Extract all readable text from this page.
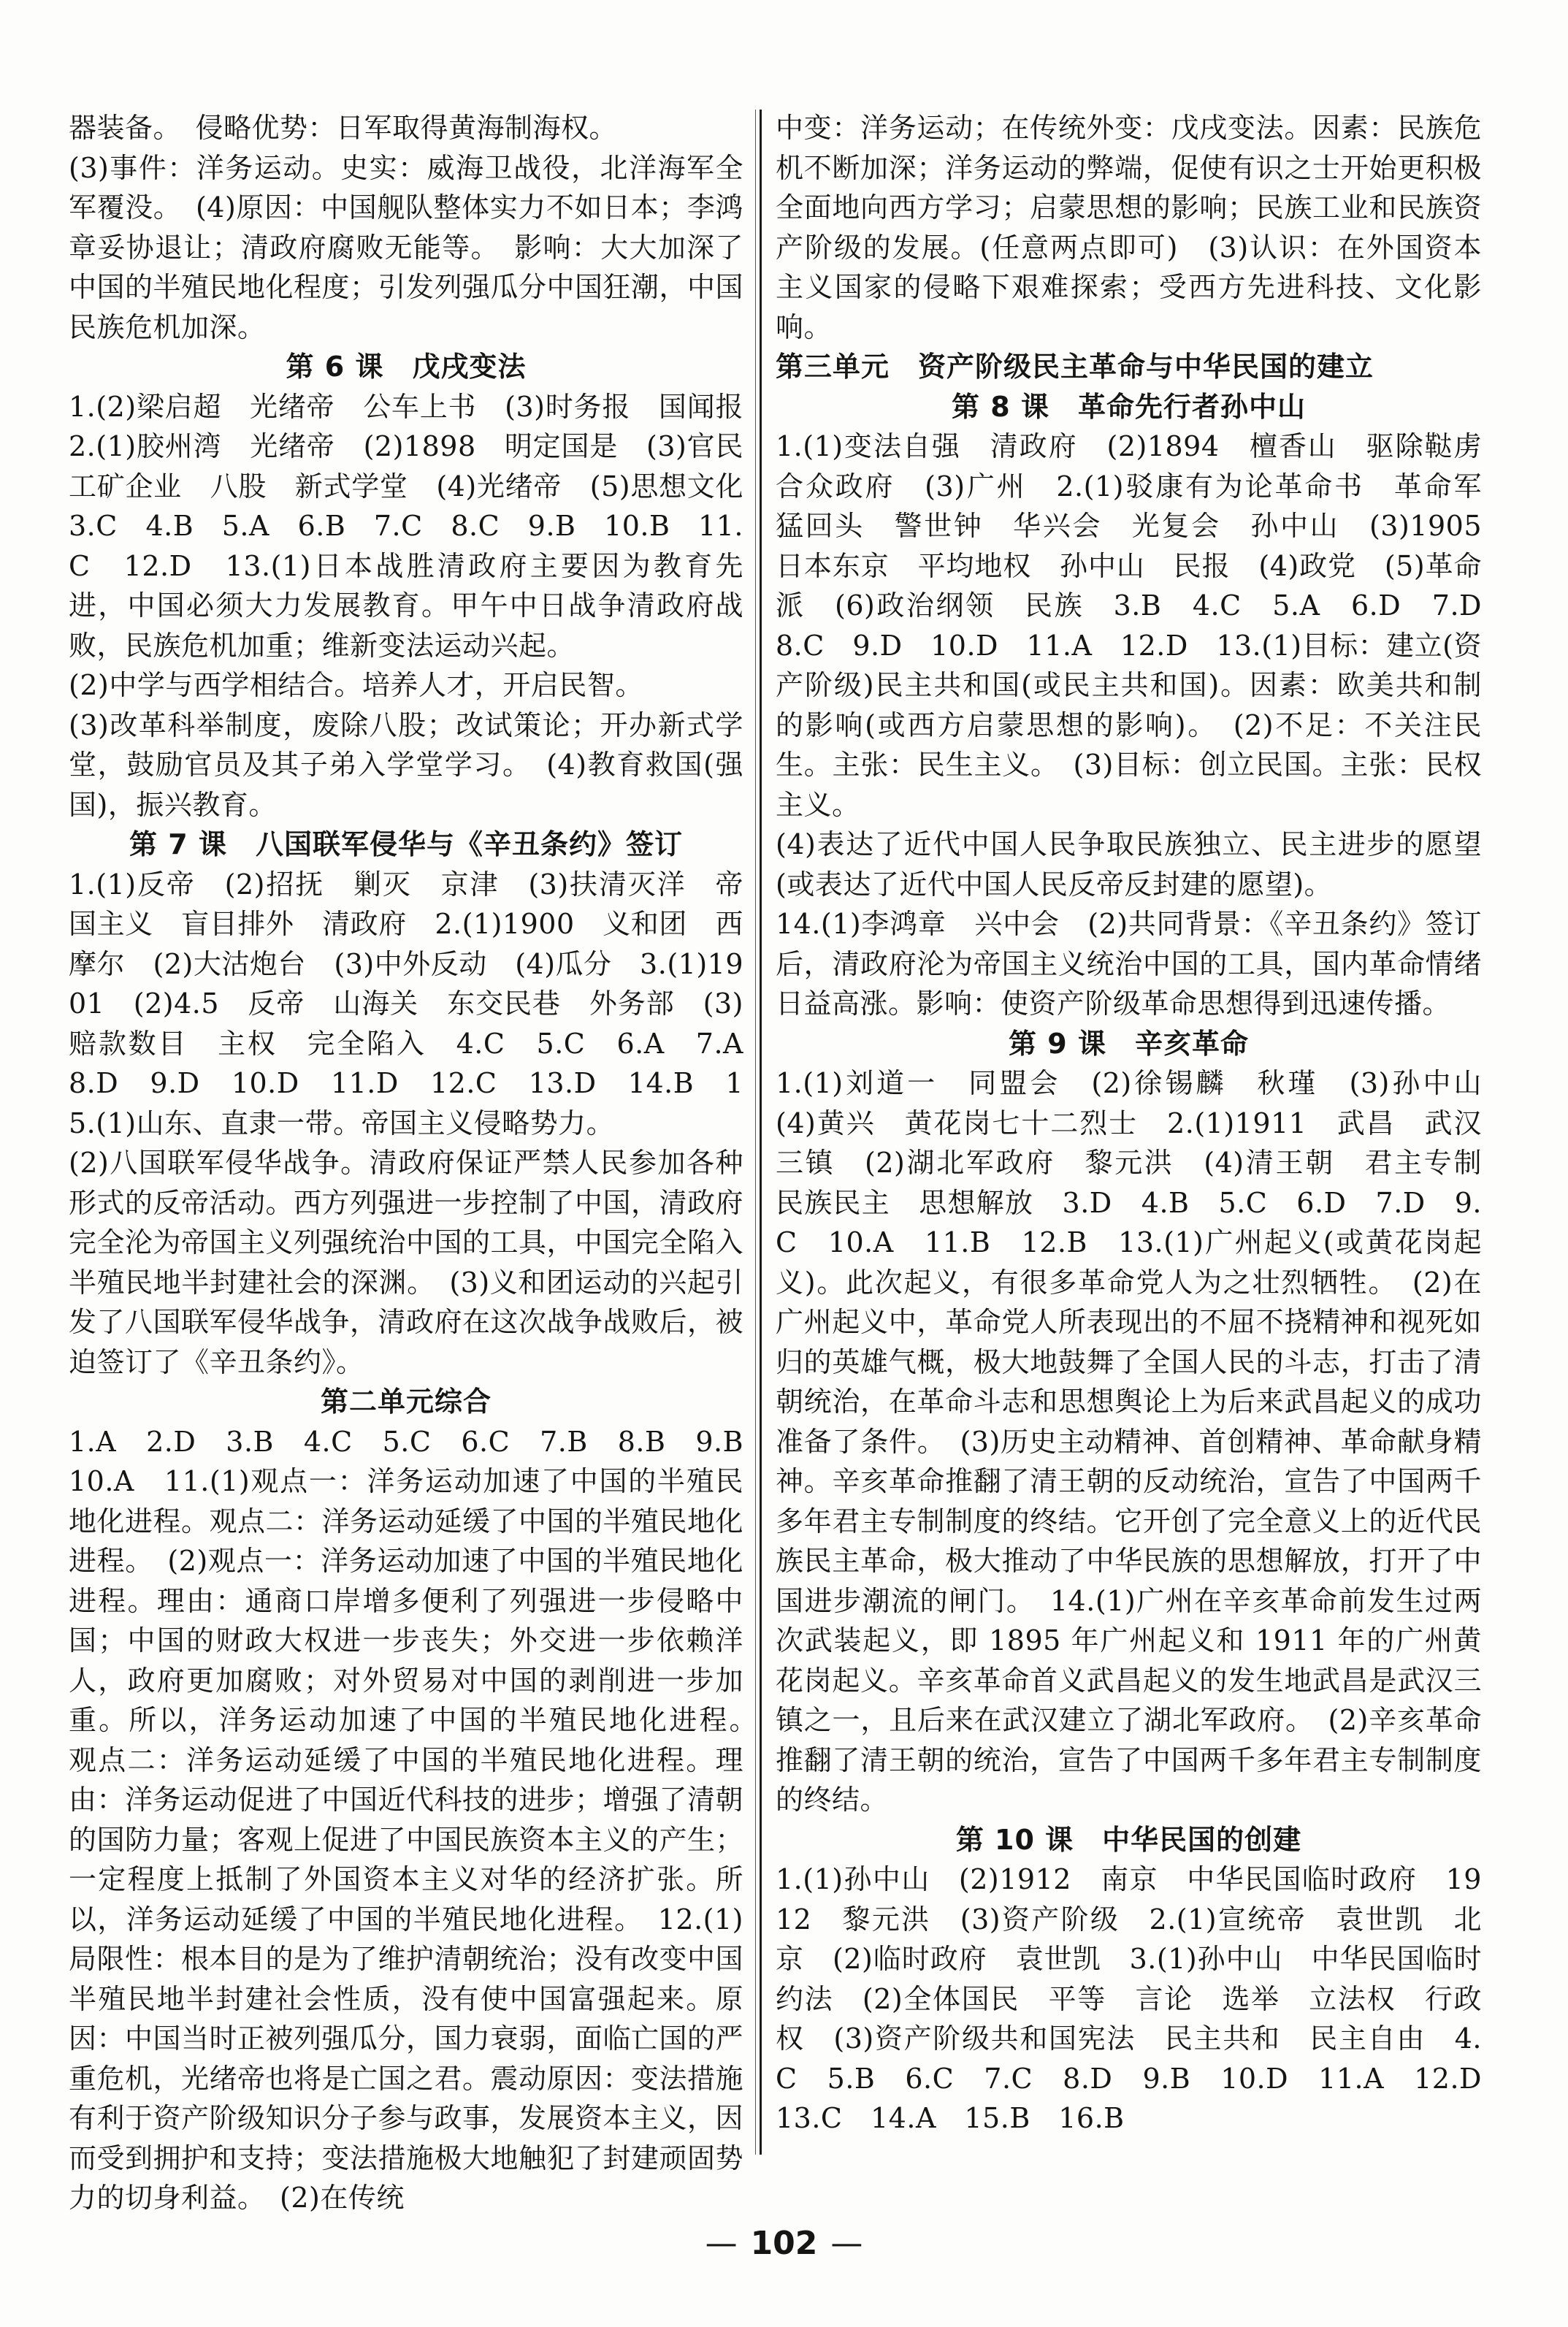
器装备。　侵略优势：日军取得黄海制海权。
(3)事件：洋务运动。史实：威海卫战役，北洋海军全军覆没。　(4)原因：中国舰队整体实力不如日本；李鸿章妥协退让；清政府腐败无能等。　影响：大大加深了中国的半殖民地化程度；引发列强瓜分中国狂潮，中国民族危机加深。
第 6 课　戊戌变法
1.(2)梁启超　光绪帝　公车上书　(3)时务报　国闻报　2.(1)胶州湾　光绪帝　(2)1898　明定国是　(3)官民　工矿企业　八股　新式学堂　(4)光绪帝　(5)思想文化　3.C　4.B　5.A　6.B　7.C　8.C　9.B　10.B　11.C　12.D　13.(1)日本战胜清政府主要因为教育先进，中国必须大力发展教育。甲午中日战争清政府战败，民族危机加重；维新变法运动兴起。
(2)中学与西学相结合。培养人才，开启民智。
(3)改革科举制度，废除八股；改试策论；开办新式学堂，鼓励官员及其子弟入学堂学习。　(4)教育救国(强国)，振兴教育。
第 7 课　八国联军侵华与《辛丑条约》签订
1.(1)反帝　(2)招抚　剿灭　京津　(3)扶清灭洋　帝国主义　盲目排外　清政府　2.(1)1900　义和团　西摩尔　(2)大沽炮台　(3)中外反动　(4)瓜分　3.(1)1901　(2)4.5　反帝　山海关　东交民巷　外务部　(3)赔款数目　主权　完全陷入　4.C　5.C　6.A　7.A　8.D　9.D　10.D　11.D　12.C　13.D　14.B　15.(1)山东、直隶一带。帝国主义侵略势力。
(2)八国联军侵华战争。清政府保证严禁人民参加各种形式的反帝活动。西方列强进一步控制了中国，清政府完全沦为帝国主义列强统治中国的工具，中国完全陷入半殖民地半封建社会的深渊。　(3)义和团运动的兴起引发了八国联军侵华战争，清政府在这次战争战败后，被迫签订了《辛丑条约》。
第二单元综合
1.A　2.D　3.B　4.C　5.C　6.C　7.B　8.B　9.B　10.A　11.(1)观点一：洋务运动加速了中国的半殖民地化进程。观点二：洋务运动延缓了中国的半殖民地化进程。　(2)观点一：洋务运动加速了中国的半殖民地化进程。理由：通商口岸增多便利了列强进一步侵略中国；中国的财政大权进一步丧失；外交进一步依赖洋人，政府更加腐败；对外贸易对中国的剥削进一步加重。所以，洋务运动加速了中国的半殖民地化进程。　观点二：洋务运动延缓了中国的半殖民地化进程。理由：洋务运动促进了中国近代科技的进步；增强了清朝的国防力量；客观上促进了中国民族资本主义的产生；一定程度上抵制了外国资本主义对华的经济扩张。所以，洋务运动延缓了中国的半殖民地化进程。　12.(1)局限性：根本目的是为了维护清朝统治；没有改变中国半殖民地半封建社会性质，没有使中国富强起来。原因：中国当时正被列强瓜分，国力衰弱，面临亡国的严重危机，光绪帝也将是亡国之君。震动原因：变法措施有利于资产阶级知识分子参与政事，发展资本主义，因而受到拥护和支持；变法措施极大地触犯了封建顽固势力的切身利益。　(2)在传统
中变：洋务运动；在传统外变：戊戌变法。因素：民族危机不断加深；洋务运动的弊端，促使有识之士开始更积极全面地向西方学习；启蒙思想的影响；民族工业和民族资产阶级的发展。(任意两点即可)　(3)认识：在外国资本主义国家的侵略下艰难探索；受西方先进科技、文化影响。
第三单元　资产阶级民主革命与中华民国的建立
第 8 课　革命先行者孙中山
1.(1)变法自强　清政府　(2)1894　檀香山　驱除鞑虏　合众政府　(3)广州　2.(1)驳康有为论革命书　革命军　猛回头　警世钟　华兴会　光复会　孙中山　(3)1905　日本东京　平均地权　孙中山　民报　(4)政党　(5)革命派　(6)政治纲领　民族　3.B　4.C　5.A　6.D　7.D　8.C　9.D　10.D　11.A　12.D　13.(1)目标：建立(资产阶级)民主共和国(或民主共和国)。因素：欧美共和制的影响(或西方启蒙思想的影响)。　(2)不足：不关注民生。主张：民生主义。　(3)目标：创立民国。主张：民权主义。
(4)表达了近代中国人民争取民族独立、民主进步的愿望(或表达了近代中国人民反帝反封建的愿望)。
14.(1)李鸿章　兴中会　(2)共同背景：《辛丑条约》签订后，清政府沦为帝国主义统治中国的工具，国内革命情绪日益高涨。影响：使资产阶级革命思想得到迅速传播。
第 9 课　辛亥革命
1.(1)刘道一　同盟会　(2)徐锡麟　秋瑾　(3)孙中山　(4)黄兴　黄花岗七十二烈士　2.(1)1911　武昌　武汉三镇　(2)湖北军政府　黎元洪　(4)清王朝　君主专制　民族民主　思想解放　3.D　4.B　5.C　6.D　7.D　9.C　10.A　11.B　12.B　13.(1)广州起义(或黄花岗起义)。此次起义，有很多革命党人为之壮烈牺牲。　(2)在广州起义中，革命党人所表现出的不屈不挠精神和视死如归的英雄气概，极大地鼓舞了全国人民的斗志，打击了清朝统治，在革命斗志和思想舆论上为后来武昌起义的成功准备了条件。　(3)历史主动精神、首创精神、革命献身精神。辛亥革命推翻了清王朝的反动统治，宣告了中国两千多年君主专制制度的终结。它开创了完全意义上的近代民族民主革命，极大推动了中华民族的思想解放，打开了中国进步潮流的闸门。　14.(1)广州在辛亥革命前发生过两次武装起义，即 1895 年广州起义和 1911 年的广州黄花岗起义。辛亥革命首义武昌起义的发生地武昌是武汉三镇之一，且后来在武汉建立了湖北军政府。　(2)辛亥革命推翻了清王朝的统治，宣告了中国两千多年君主专制制度的终结。
第 10 课　中华民国的创建
1.(1)孙中山　(2)1912　南京　中华民国临时政府　1912　黎元洪　(3)资产阶级　2.(1)宣统帝　袁世凯　北京　(2)临时政府　袁世凯　3.(1)孙中山　中华民国临时约法　(2)全体国民　平等　言论　选举　立法权　行政权　(3)资产阶级共和国宪法　民主共和　民主自由　4.C　5.B　6.C　7.C　8.D　9.B　10.D　11.A　12.D　13.C　14.A　15.B　16.B
— 102 —
